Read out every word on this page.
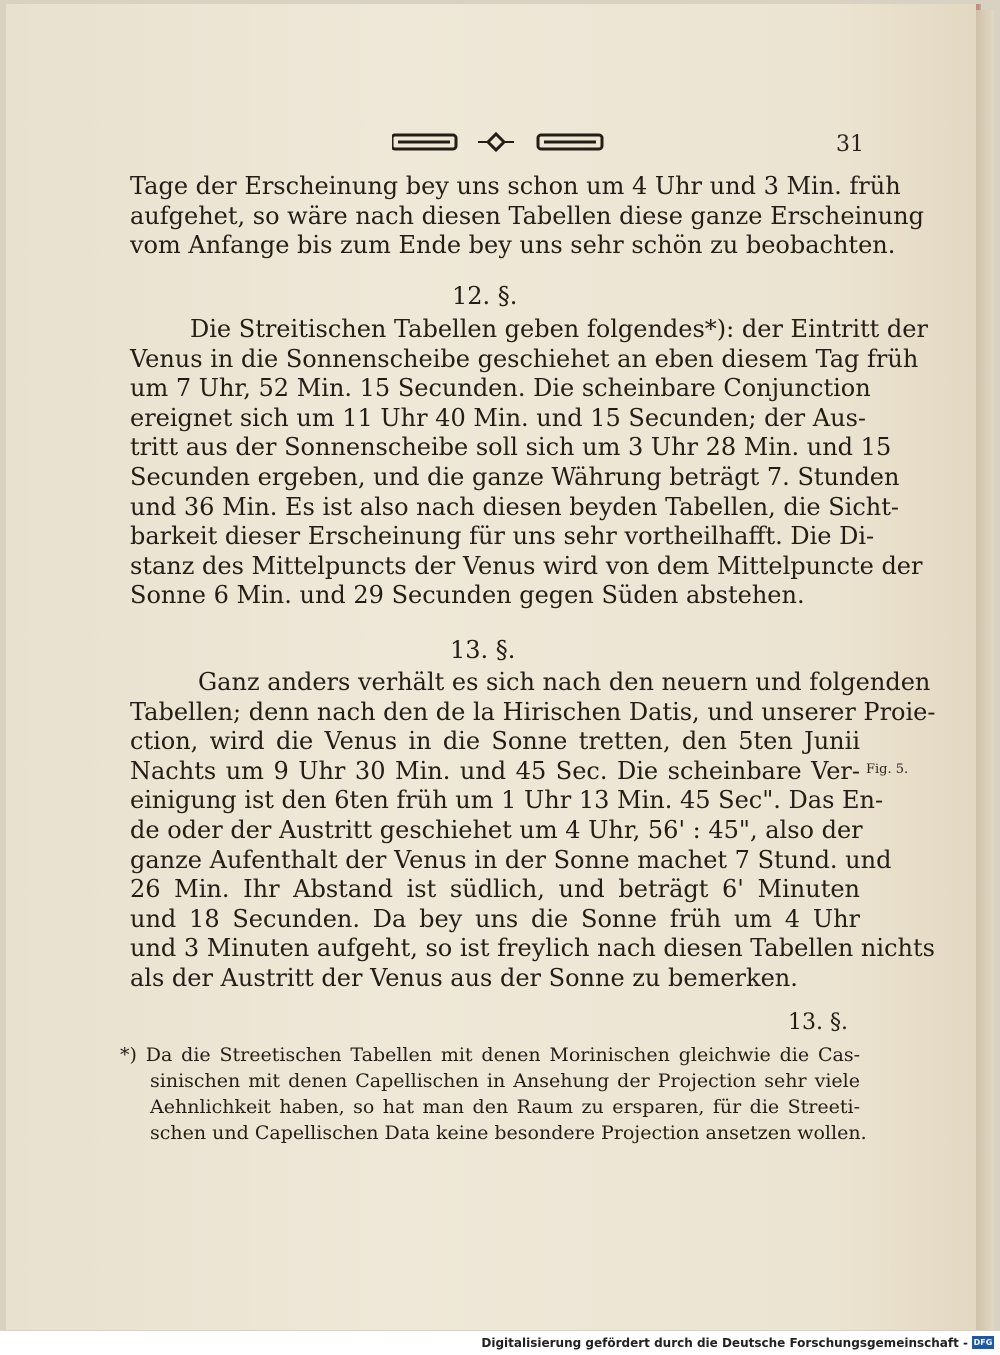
31
Tage der Erscheinung bey uns schon um 4 Uhr und 3 Min. früh
aufgehet, so wäre nach diesen Tabellen diese ganze Erscheinung
vom Anfange bis zum Ende bey uns sehr schön zu beobachten.
12. §.
Die Streitischen Tabellen geben folgendes*): der Eintritt der
Venus in die Sonnenscheibe geschiehet an eben diesem Tag früh
um 7 Uhr, 52 Min. 15 Secunden. Die scheinbare Conjunction
ereignet sich um 11 Uhr 40 Min. und 15 Secunden; der Aus-
tritt aus der Sonnenscheibe soll sich um 3 Uhr 28 Min. und 15
Secunden ergeben, und die ganze Währung beträgt 7. Stunden
und 36 Min. Es ist also nach diesen beyden Tabellen, die Sicht-
barkeit dieser Erscheinung für uns sehr vortheilhafft. Die Di-
stanz des Mittelpuncts der Venus wird von dem Mittelpuncte der
Sonne 6 Min. und 29 Secunden gegen Süden abstehen.
13. §.
Ganz anders verhält es sich nach den neuern und folgenden
Tabellen; denn nach den de la Hirischen Datis, und unserer Proie-
ction, wird die Venus in die Sonne tretten, den 5ten Junii
Nachts um 9 Uhr 30 Min. und 45 Sec. Die scheinbare Ver-
einigung ist den 6ten früh um 1 Uhr 13 Min. 45 Sec". Das En-
de oder der Austritt geschiehet um 4 Uhr, 56' : 45", also der
ganze Aufenthalt der Venus in der Sonne machet 7 Stund. und
26 Min. Ihr Abstand ist südlich, und beträgt 6' Minuten
und 18 Secunden. Da bey uns die Sonne früh um 4 Uhr
und 3 Minuten aufgeht, so ist freylich nach diesen Tabellen nichts
als der Austritt der Venus aus der Sonne zu bemerken.
Fig. 5.
13. §.
*) Da die Streetischen Tabellen mit denen Morinischen gleichwie die Cas-
sinischen mit denen Capellischen in Ansehung der Projection sehr viele
Aehnlichkeit haben, so hat man den Raum zu ersparen, für die Streeti-
schen und Capellischen Data keine besondere Projection ansetzen wollen.
Digitalisierung gefördert durch die Deutsche Forschungsgemeinschaft - DFG
